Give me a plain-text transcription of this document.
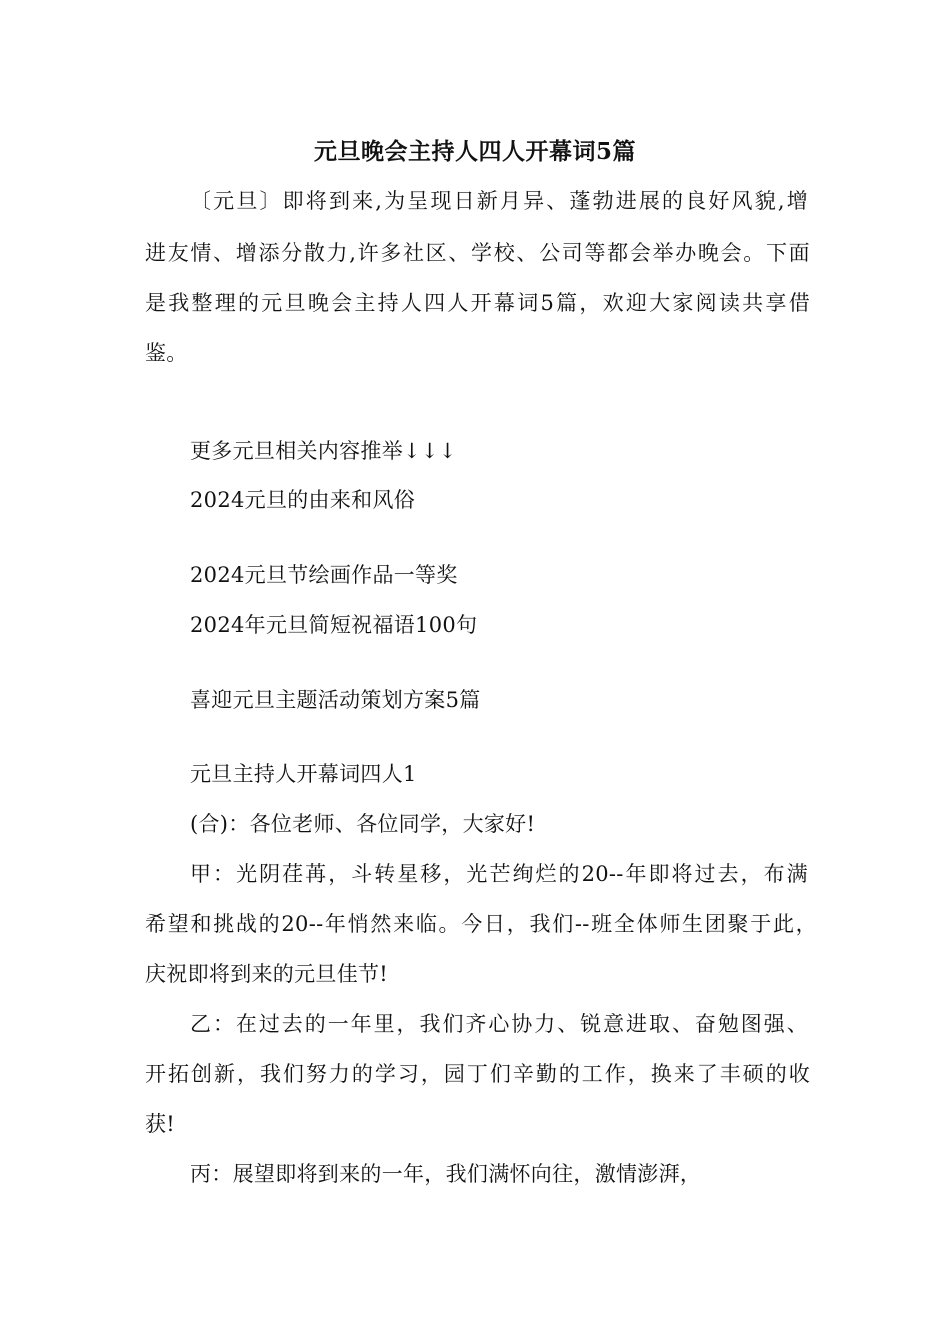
元旦晚会主持人四人开幕词5篇
〔元旦〕即将到来,为呈现日新月异、蓬勃进展的良好风貌,增
进友情、增添分散力,许多社区、学校、公司等都会举办晚会。下面
是我整理的元旦晚会主持人四人开幕词5篇，欢迎大家阅读共享借
鉴。
更多元旦相关内容推举↓↓↓
2024元旦的由来和风俗
2024元旦节绘画作品一等奖
2024年元旦简短祝福语100句
喜迎元旦主题活动策划方案5篇
元旦主持人开幕词四人1
(合)：各位老师、各位同学，大家好!
甲：光阴荏苒，斗转星移，光芒绚烂的20--年即将过去，布满
希望和挑战的20--年悄然来临。今日，我们--班全体师生团聚于此，
庆祝即将到来的元旦佳节!
乙：在过去的一年里，我们齐心协力、锐意进取、奋勉图强、
开拓创新，我们努力的学习，园丁们辛勤的工作，换来了丰硕的收
获!
丙：展望即将到来的一年，我们满怀向往，激情澎湃，
